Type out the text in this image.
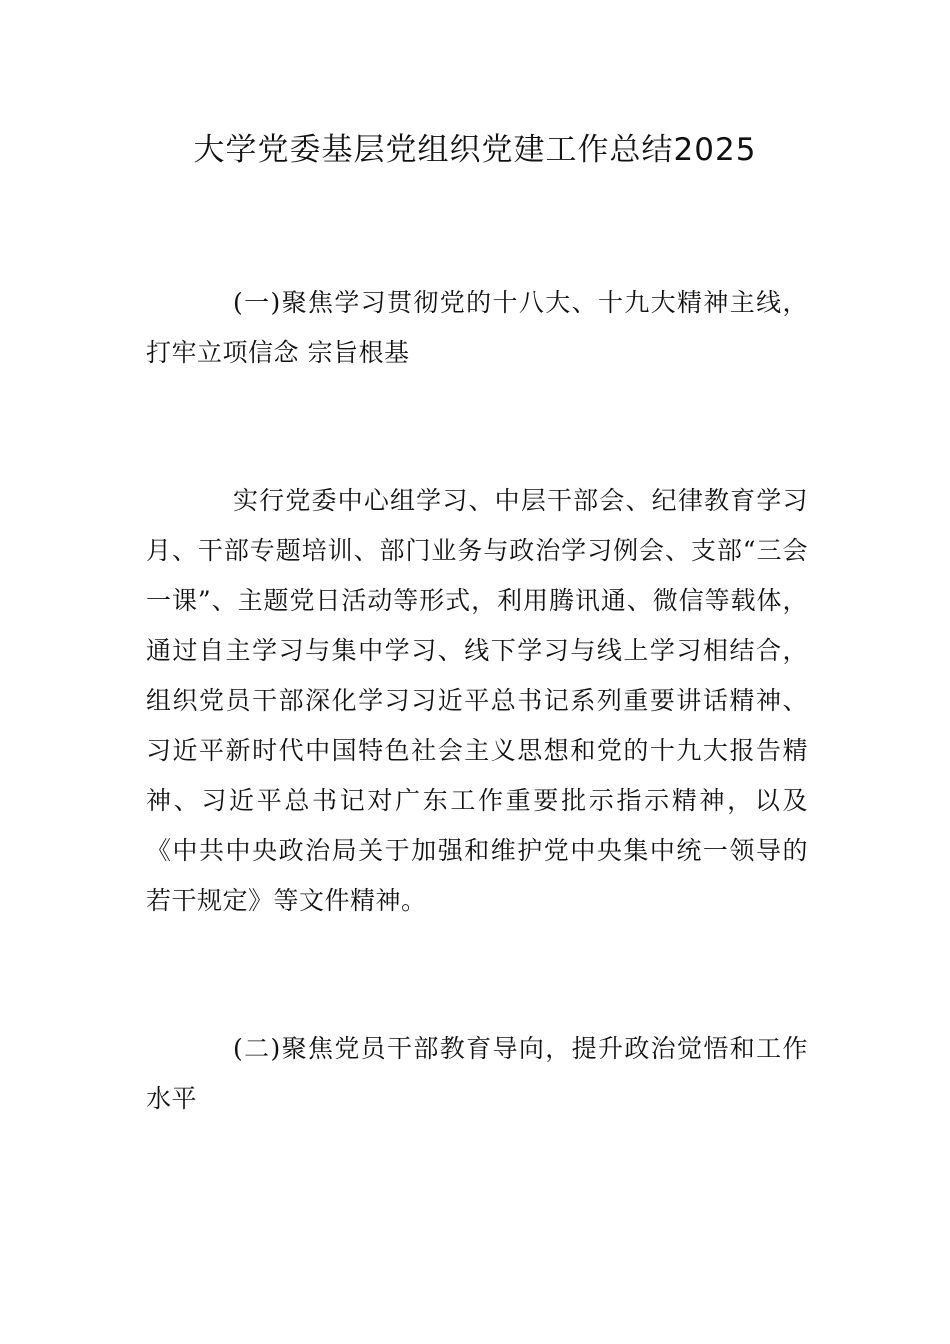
大学党委基层党组织党建工作总结2025

(一)聚焦学习贯彻党的十八大、十九大精神主线，打牢立项信念 宗旨根基

实行党委中心组学习、中层干部会、纪律教育学习月、干部专题培训、部门业务与政治学习例会、支部“三会一课”、主题党日活动等形式，利用腾讯通、微信等载体，通过自主学习与集中学习、线下学习与线上学习相结合，组织党员干部深化学习习近平总书记系列重要讲话精神、习近平新时代中国特色社会主义思想和党的十九大报告精神、习近平总书记对广东工作重要批示指示精神，以及《中共中央政治局关于加强和维护党中央集中统一领导的若干规定》等文件精神。

(二)聚焦党员干部教育导向，提升政治觉悟和工作水平
